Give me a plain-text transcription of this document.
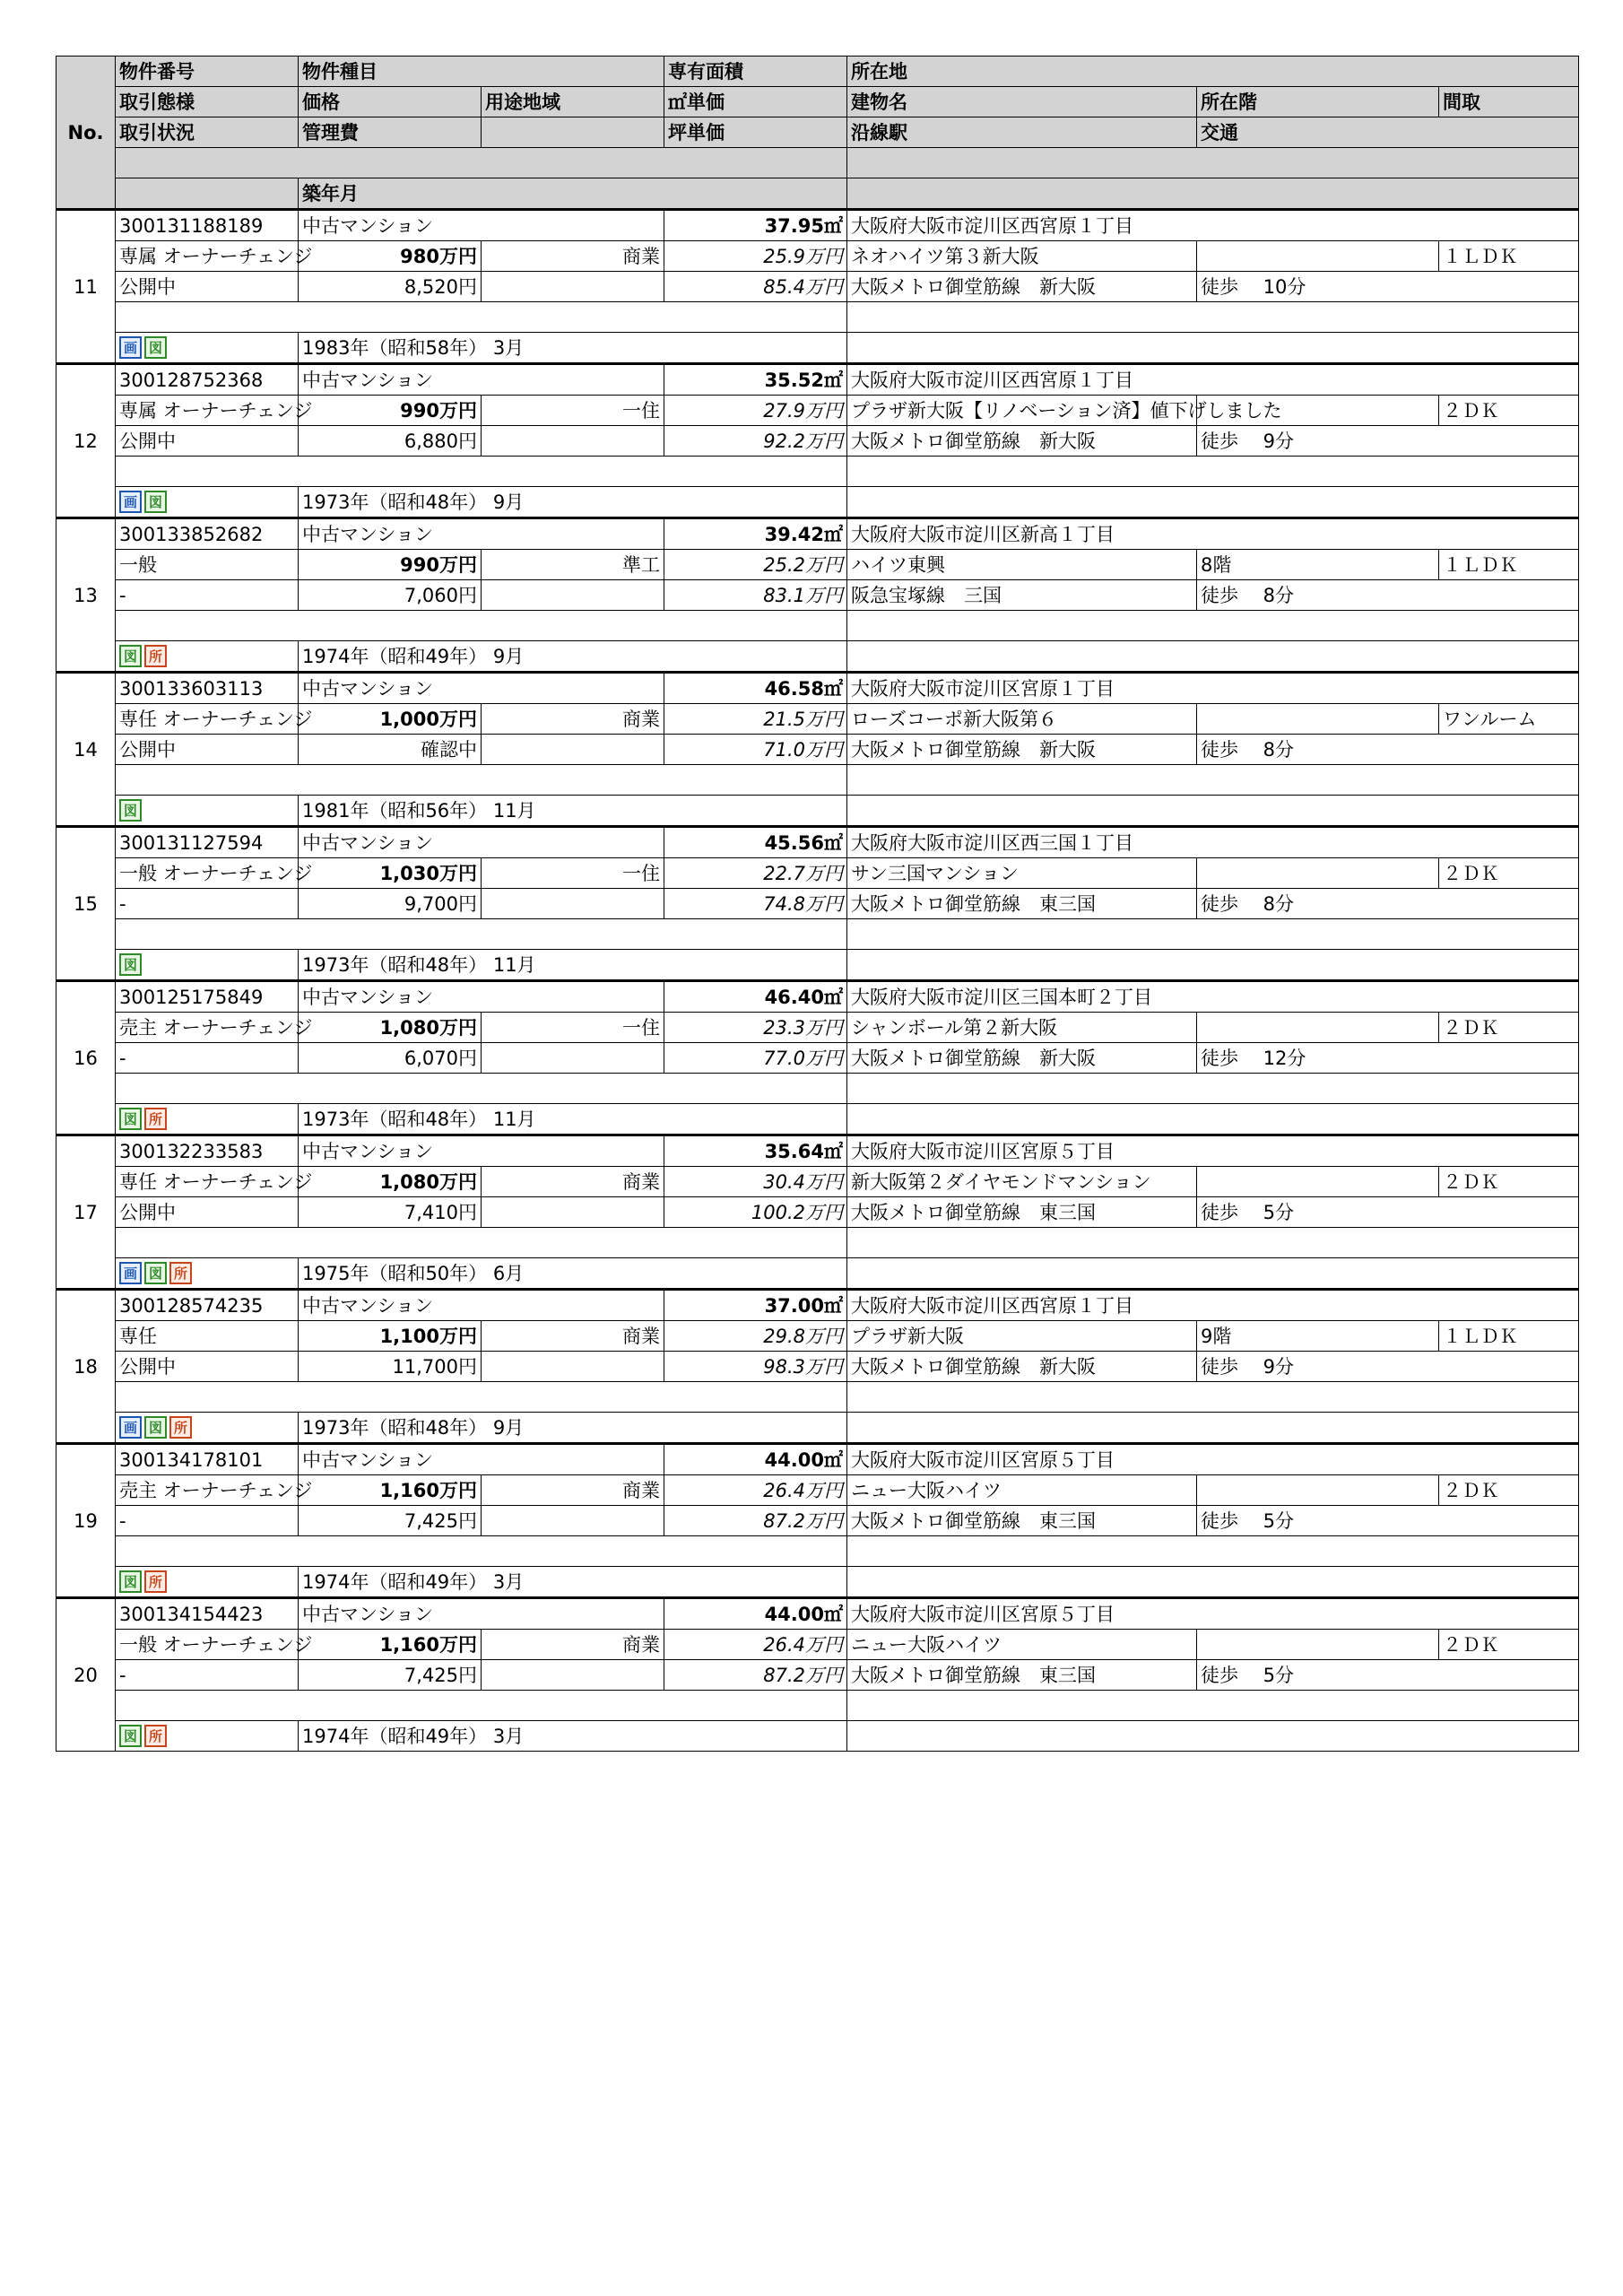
No.	物件番号	物件種目		専有面積	所在地		
	取引態様	価格	用途地域	㎡単価	建物名	所在階	間取
	取引状況	管理費		坪単価	沿線駅	交通	

		築年月					
11	300131188189	中古マンション		37.95㎡	大阪府大阪市淀川区西宮原１丁目		
	専属 オーナーチェンジ	980万円	商業	25.9万円	ネオハイツ第３新大阪		１ＬＤＫ
	公開中	8,520円		85.4万円	大阪メトロ御堂筋線　新大阪	徒歩　 10分	

画 図	1983年（昭和58年） 3月					
12	300128752368	中古マンション		35.52㎡	大阪府大阪市淀川区西宮原１丁目		
	専属 オーナーチェンジ	990万円	一住	27.9万円	プラザ新大阪【リノベーション済】値下げしました		２ＤＫ
	公開中	6,880円		92.2万円	大阪メトロ御堂筋線　新大阪	徒歩　 9分	

画 図	1973年（昭和48年） 9月					
13	300133852682	中古マンション		39.42㎡	大阪府大阪市淀川区新高１丁目		
	一般	990万円	準工	25.2万円	ハイツ東興	8階	１ＬＤＫ
	-	7,060円		83.1万円	阪急宝塚線　三国	徒歩　 8分	

図 所	1974年（昭和49年） 9月					
14	300133603113	中古マンション		46.58㎡	大阪府大阪市淀川区宮原１丁目		
	専任 オーナーチェンジ	1,000万円	商業	21.5万円	ローズコーポ新大阪第６		ワンルーム
	公開中	確認中		71.0万円	大阪メトロ御堂筋線　新大阪	徒歩　 8分	

図	1981年（昭和56年） 11月					
15	300131127594	中古マンション		45.56㎡	大阪府大阪市淀川区西三国１丁目		
	一般 オーナーチェンジ	1,030万円	一住	22.7万円	サン三国マンション		２ＤＫ
	-	9,700円		74.8万円	大阪メトロ御堂筋線　東三国	徒歩　 8分	

図	1973年（昭和48年） 11月					
16	300125175849	中古マンション		46.40㎡	大阪府大阪市淀川区三国本町２丁目		
	売主 オーナーチェンジ	1,080万円	一住	23.3万円	シャンボール第２新大阪		２ＤＫ
	-	6,070円		77.0万円	大阪メトロ御堂筋線　新大阪	徒歩　 12分	

図 所	1973年（昭和48年） 11月					
17	300132233583	中古マンション		35.64㎡	大阪府大阪市淀川区宮原５丁目		
	専任 オーナーチェンジ	1,080万円	商業	30.4万円	新大阪第２ダイヤモンドマンション		２ＤＫ
	公開中	7,410円		100.2万円	大阪メトロ御堂筋線　東三国	徒歩　 5分	

画 図 所	1975年（昭和50年） 6月					
18	300128574235	中古マンション		37.00㎡	大阪府大阪市淀川区西宮原１丁目		
	専任	1,100万円	商業	29.8万円	プラザ新大阪	9階	１ＬＤＫ
	公開中	11,700円		98.3万円	大阪メトロ御堂筋線　新大阪	徒歩　 9分	

画 図 所	1973年（昭和48年） 9月					
19	300134178101	中古マンション		44.00㎡	大阪府大阪市淀川区宮原５丁目		
	売主 オーナーチェンジ	1,160万円	商業	26.4万円	ニュー大阪ハイツ		２ＤＫ
	-	7,425円		87.2万円	大阪メトロ御堂筋線　東三国	徒歩　 5分	

図 所	1974年（昭和49年） 3月					
20	300134154423	中古マンション		44.00㎡	大阪府大阪市淀川区宮原５丁目		
	一般 オーナーチェンジ	1,160万円	商業	26.4万円	ニュー大阪ハイツ		２ＤＫ
	-	7,425円		87.2万円	大阪メトロ御堂筋線　東三国	徒歩　 5分	

図 所	1974年（昭和49年） 3月					
